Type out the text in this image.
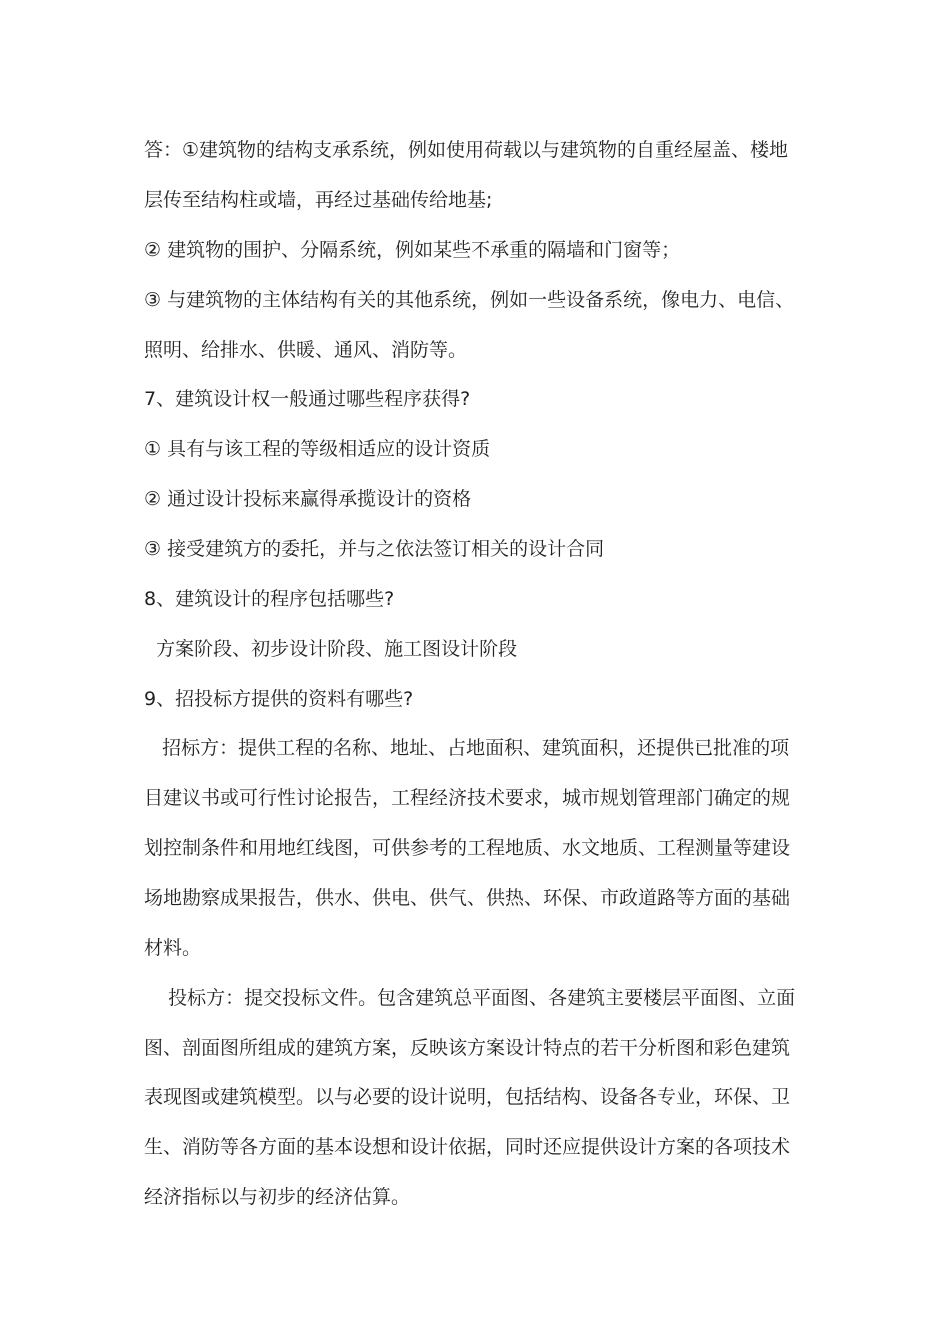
答：①建筑物的结构支承系统，例如使用荷载以与建筑物的自重经屋盖、楼地
层传至结构柱或墙，再经过基础传给地基;
② 建筑物的围护、分隔系统，例如某些不承重的隔墙和门窗等；
③ 与建筑物的主体结构有关的其他系统，例如一些设备系统，像电力、电信、
照明、给排水、供暖、通风、消防等。
7、建筑设计权一般通过哪些程序获得?
① 具有与该工程的等级相适应的设计资质
② 通过设计投标来赢得承揽设计的资格
③ 接受建筑方的委托，并与之依法签订相关的设计合同
8、建筑设计的程序包括哪些?
方案阶段、初步设计阶段、施工图设计阶段
9、招投标方提供的资料有哪些?
招标方：提供工程的名称、地址、占地面积、建筑面积，还提供已批准的项
目建议书或可行性讨论报告，工程经济技术要求，城市规划管理部门确定的规
划控制条件和用地红线图，可供参考的工程地质、水文地质、工程测量等建设
场地勘察成果报告，供水、供电、供气、供热、环保、市政道路等方面的基础
材料。
投标方：提交投标文件。包含建筑总平面图、各建筑主要楼层平面图、立面
图、剖面图所组成的建筑方案，反映该方案设计特点的若干分析图和彩色建筑
表现图或建筑模型。以与必要的设计说明，包括结构、设备各专业，环保、卫
生、消防等各方面的基本设想和设计依据，同时还应提供设计方案的各项技术
经济指标以与初步的经济估算。
